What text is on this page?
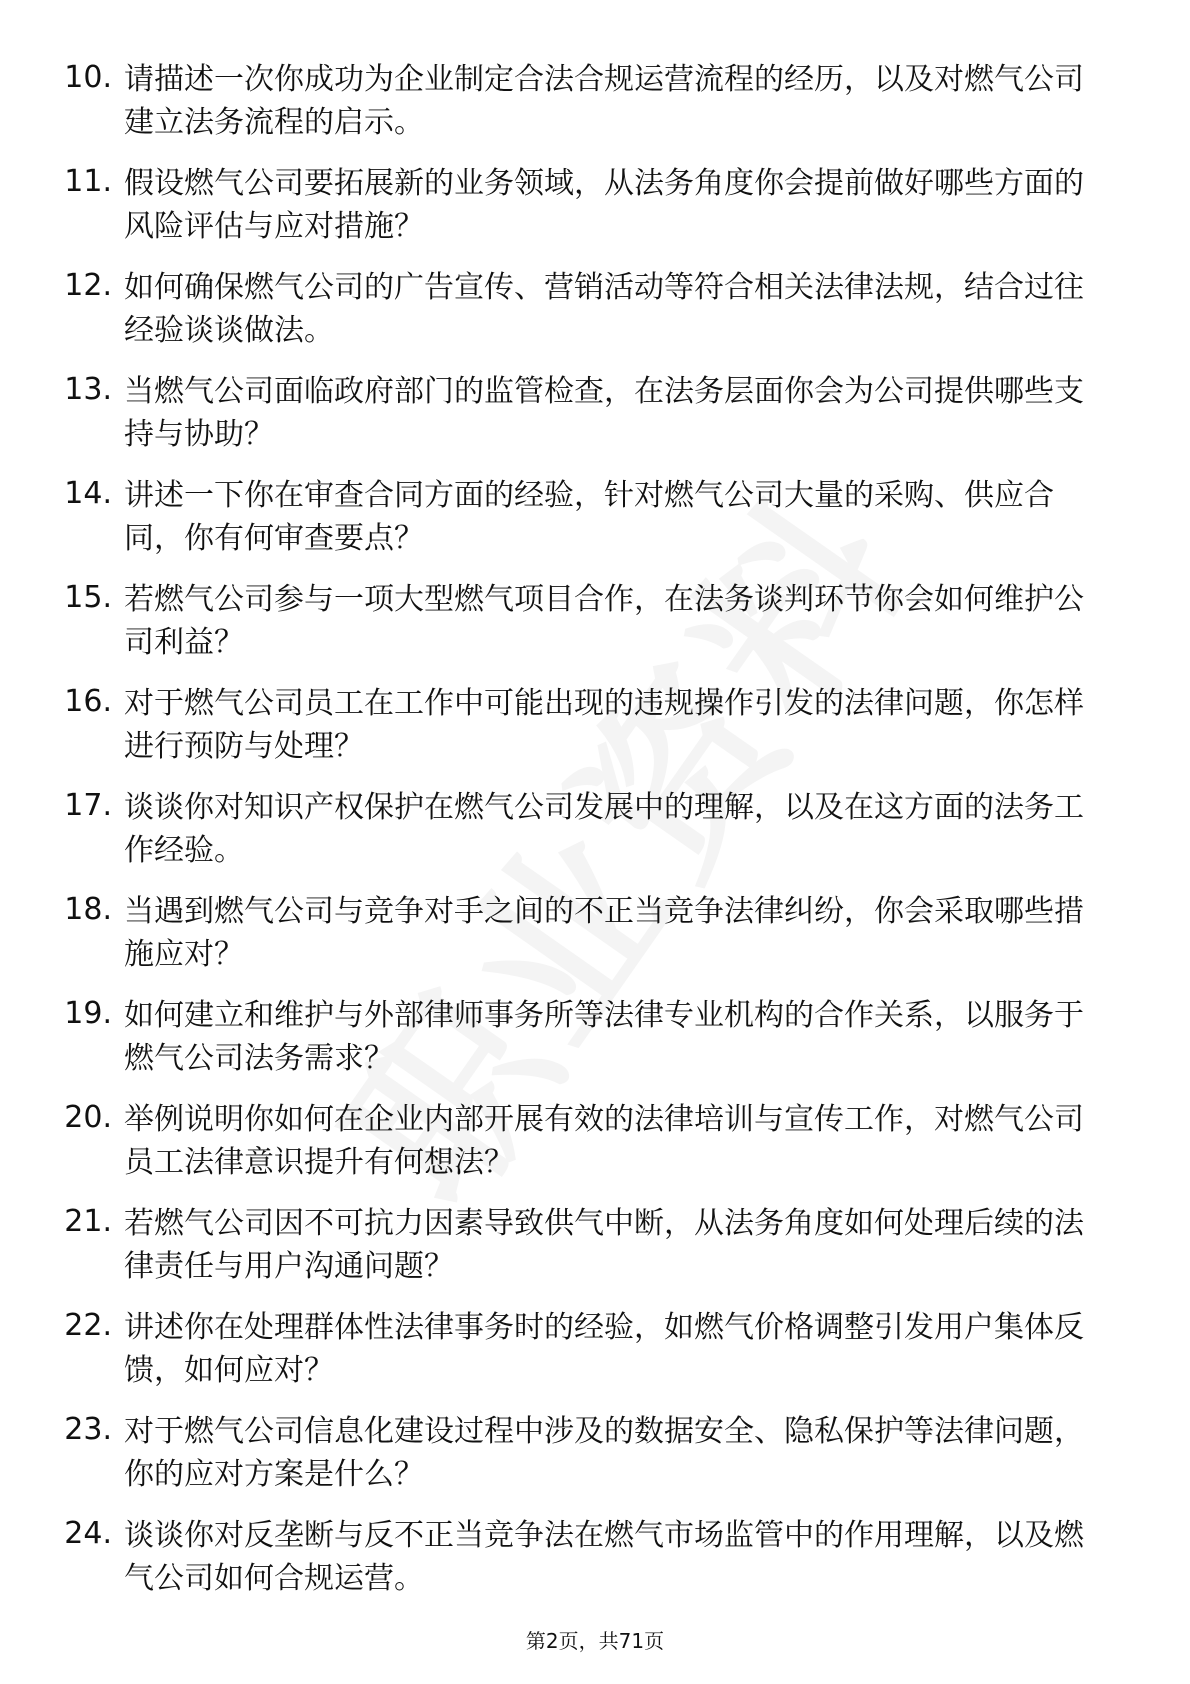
10. 请描述一次你成功为企业制定合法合规运营流程的经历，以及对燃气公司建立法务流程的启示。
11. 假设燃气公司要拓展新的业务领域，从法务角度你会提前做好哪些方面的风险评估与应对措施？
12. 如何确保燃气公司的广告宣传、营销活动等符合相关法律法规，结合过往经验谈谈做法。
13. 当燃气公司面临政府部门的监管检查，在法务层面你会为公司提供哪些支持与协助？
14. 讲述一下你在审查合同方面的经验，针对燃气公司大量的采购、供应合同，你有何审查要点？
15. 若燃气公司参与一项大型燃气项目合作，在法务谈判环节你会如何维护公司利益？
16. 对于燃气公司员工在工作中可能出现的违规操作引发的法律问题，你怎样进行预防与处理？
17. 谈谈你对知识产权保护在燃气公司发展中的理解，以及在这方面的法务工作经验。
18. 当遇到燃气公司与竞争对手之间的不正当竞争法律纠纷，你会采取哪些措施应对？
19. 如何建立和维护与外部律师事务所等法律专业机构的合作关系，以服务于燃气公司法务需求？
20. 举例说明你如何在企业内部开展有效的法律培训与宣传工作，对燃气公司员工法律意识提升有何想法？
21. 若燃气公司因不可抗力因素导致供气中断，从法务角度如何处理后续的法律责任与用户沟通问题？
22. 讲述你在处理群体性法律事务时的经验，如燃气价格调整引发用户集体反馈，如何应对？
23. 对于燃气公司信息化建设过程中涉及的数据安全、隐私保护等法律问题，你的应对方案是什么？
24. 谈谈你对反垄断与反不正当竞争法在燃气市场监管中的作用理解，以及燃气公司如何合规运营。
第2页，共71页
